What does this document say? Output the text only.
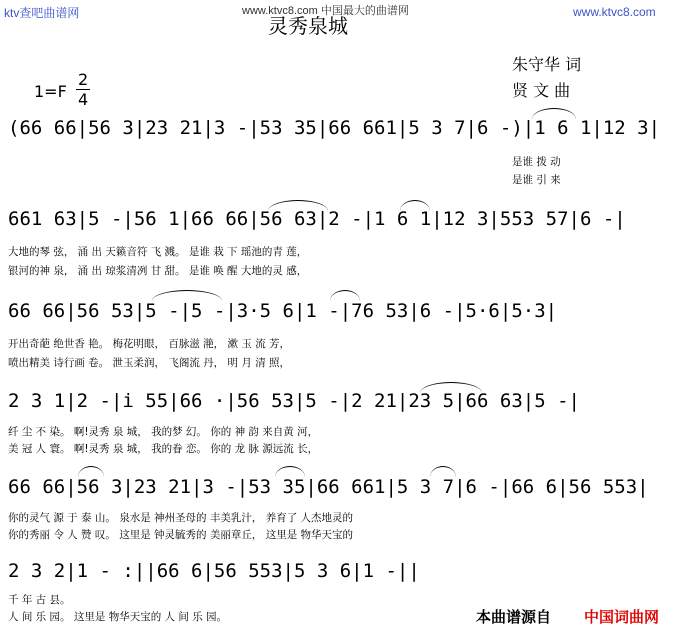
ktv查吧曲谱网	www.ktvc8.com 中国最大的曲谱网	www.ktvc8.com
灵秀泉城
朱守华 词
贤 文 曲
1=F
2
4
(66 66|56 3|23 21|3 -|53 35|66 661|5 3 7|6 -)|1 6 1|12 3|
是谁 拨 动
是谁 引 来
661 63|5 -|56 1|66 66|56 63|2 -|1 6 1|12 3|553 57|6 -|
大地的琴 弦， 涌 出 天籁音符 飞 溅。 是谁 栽 下 瑶池的青 莲，
银河的神 泉， 涌 出 琼浆清冽 甘 甜。 是谁 唤 醒 大地的灵 感，
66 66|56 53|5 -|5 -|3·5 6|1 -|76 53|6 -|5·6|5·3|
开出奇葩 绝世香 艳。 梅花明眼， 百脉滋 滟， 漱 玉 流 芳，
喷出精美 诗行画 卷。 泄玉柔润， 飞阁流 丹， 明 月 清 照，
2 3 1|2 -|i 55|66 ·|56 53|5 -|2 21|23 5|66 63|5 -|
纤 尘 不 染。 啊!灵秀 泉 城， 我的梦 幻。 你的 神 韵 来自黄 河，
美 冠 人 寰。 啊!灵秀 泉 城， 我的眷 恋。 你的 龙 脉 源远流 长，
66 66|56 3|23 21|3 -|53 35|66 661|5 3 7|6 -|66 6|56 553|
你的灵气 源 于 泰 山。 泉水是 神州圣母的 丰美乳汁， 养育了 人杰地灵的
你的秀丽 令 人 赞 叹。 这里是 钟灵毓秀的 美丽章丘， 这里是 物华天宝的
2 3 2|1 - :||66 6|56 553|5 3 6|1 -||
千 年 古 县。
人 间 乐 园。 这里是 物华天宝的 人 间 乐 园。	本曲谱源自 中国词曲网
